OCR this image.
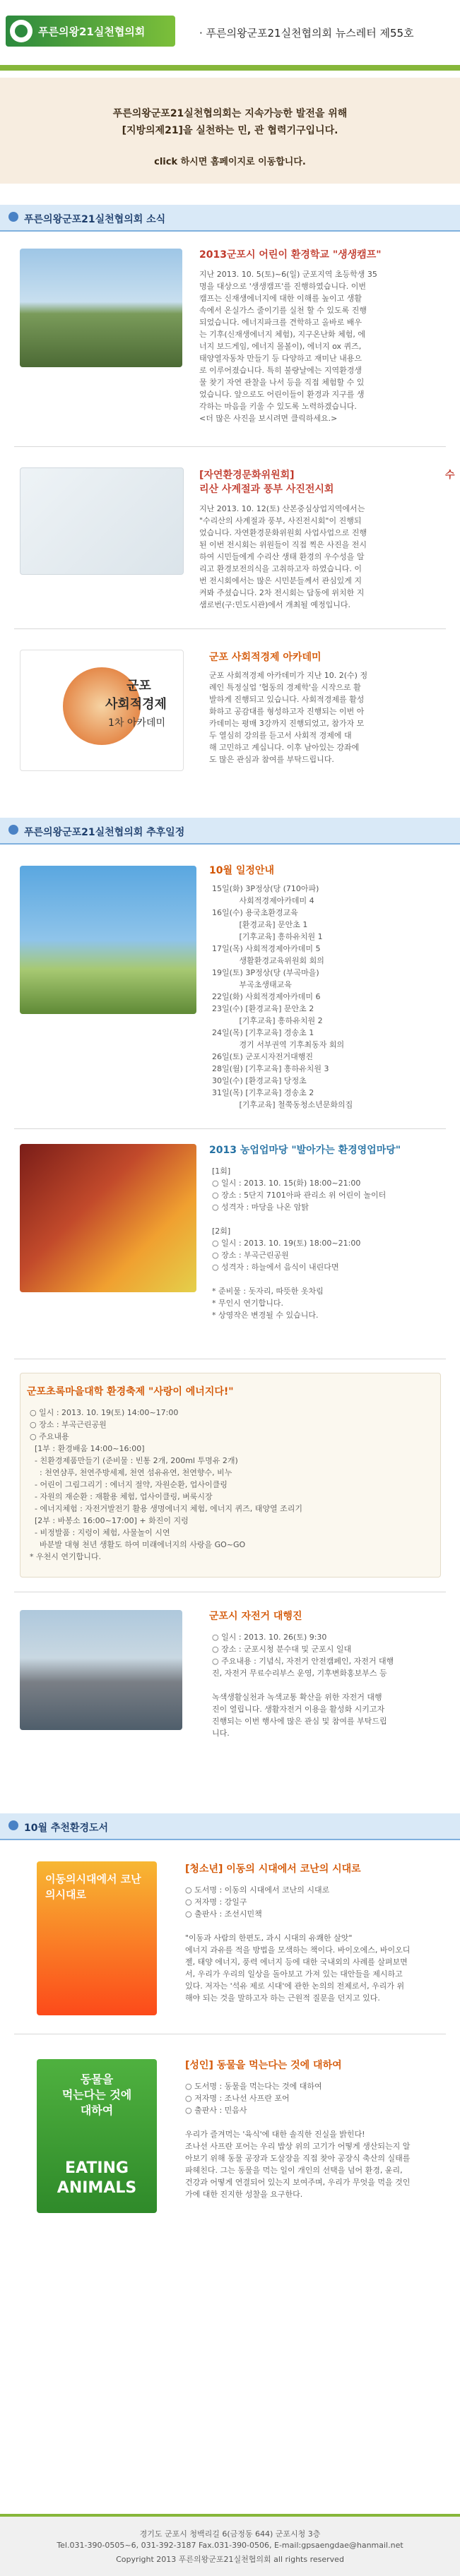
푸른의왕21실천협의회	· 푸른의왕군포21실천협의회 뉴스레터 제55호
푸른의왕군포21실천협의회는 지속가능한 발전을 위해
[지방의제21]을 실천하는 민, 관 협력기구입니다.
click 하시면 홈페이지로 이동합니다.
푸른의왕군포21실천협의회 소식
2013군포시 어린이 환경학교 "생생캠프"
지난 2013. 10. 5(토)~6(일) 군포지역 초등학생 35
명을 대상으로 '생생캠프'를 진행하였습니다. 이번
캠프는 신재생에너지에 대한 이해를 높이고 생활
속에서 온실가스 줄이기를 실천 할 수 있도록 진행
되었습니다. 에너지파크를 견학하고 올바로 배우
는 기후(신재생에너지 체험), 지구온난화 체험, 에
너지 보드게임, 에너지 몰볼이), 에너지 ox 퀴즈,
태양열자동차 만들기 등 다양하고 재미난 내용으
로 이루어졌습니다. 특히 불량날에는 지역환경생
물 찾기 자연 관찰을 나서 등을 직접 체험할 수 있
었습니다. 앞으로도 어린이들이 환경과 지구를 생
각하는 마음을 키울 수 있도록 노력하겠습니다.
<더 많은 사진을 보시려면 클릭하세요.>
[자연환경문화위원회]	수
리산 사계절과 풍부 사진전시회
지난 2013. 10. 12(토) 산본중심상업지역에서는
"수리산의 사계절과 풍부, 사진전시회"이 진행되
었습니다. 자연환경문화위원회 사업사업으로 진행
된 이번 전시회는 위원들이 직접 찍은 사진을 전시
하여 시민들에게 수리산 생태 환경의 우수성을 알
리고 환경보전의식을 고취하고자 하였습니다. 이
번 전시회에서는 많은 시민분들께서 관심있게 지
켜봐 주셨습니다. 2차 전시회는 답동에 위치한 지
샘로번(구:민도시관)에서 개최될 예정입니다.
군포
사회적경제
1차 아카데미
군포 사회적경제 아카데미
군포 사회적경제 아카데미가 지난 10. 2(수) 정
례인 특정실업 '협동의 경제학'을 시작으로 활
발하게 진행되고 있습니다. 사회적경제를 활성
화하고 공감대를 형성하고자 진행되는 이번 아
카데미는 평매 3강까지 진행되었고, 참가자 모
두 열심히 강의를 듣고서 사회적 경제에 대
해 고민하고 계십니다. 이후 남아있는 강좌에
도 많은 관심과 참여를 부탁드립니다.
푸른의왕군포21실천협의회 추후일정
10월 일정안내
15일(화) 3P정상(당 (710아파)
사회적경제아카데미 4
16일(수) 용국초환경교육
[환경교육] 문안초 1
[기후교육] 흥하유치원 1
17일(목) 사회적경제아카데미 5
생활환경교육위원회 회의
19일(토) 3P정상(당 (부곡마을)
부곡초생태교육
22일(화) 사회적경제아카데미 6
23일(수) [환경교육] 문안초 2
[기후교육] 흥하유치원 2
24일(목) [기후교육] 경송초 1
경기 서부권역 기후최동자 회의
26일(토) 군포시자전거대행진
28일(월) [기후교육] 흥하유치원 3
30일(수) [환경교육] 당정초
31일(목) [기후교육] 경송초 2
[기후교육] 철쭉동청소년문화의집
2013 농업업마당 "발아가는 환경영업마당"
[1회]
○ 일시 : 2013. 10. 15(화) 18:00~21:00
○ 장소 : 5단지 7101아파 관리소 위 어린이 놀이터
○ 성격자 : 마당을 나온 암탉

[2회]
○ 일시 : 2013. 10. 19(토) 18:00~21:00
○ 장소 : 부곡근린공원
○ 성격자 : 하늘에서 음식이 내린다면

* 준비물 : 돗자리, 따뜻한 옷차림
* 무인시 연기합니다.
* 상영작은 변경될 수 있습니다.
군포초록마을대학 환경축제 "사랑이 에너지다!"
○ 일시 : 2013. 10. 19(토) 14:00~17:00
○ 장소 : 부곡근린공원
○ 주요내용
[1부 : 환경배움 14:00~16:00]
- 친환경제품만들기 (준비물 : 빈통 2개, 200ml 투명유 2개)
: 천연샴푸, 천연주방세제, 천연 섬유유연, 천연향수, 비누
- 어린이 그림그리기 : 에너지 절약, 자원순환, 업사이클링
- 자원의 재순환 : 재활용 체험, 업사이클링, 벼룩시장
- 에너지체험 : 자전거발전기 활용 생명에너지 체험, 에너지 퀴즈, 태양열 조리기
[2부 : 바봉소 16:00~17:00] + 화진이 지렁
- 비정발품 : 지렁이 체험, 사물놀이 시연
바분발 대형 천년 생활도 하여 미래에너지의 사랑을 GO~GO
* 우천시 연기합니다.
군포시 자전거 대행진
○ 일시 : 2013. 10. 26(토) 9:30
○ 장소 : 군포시청 분수대 및 군포시 일대
○ 주요내용 : 기념식, 자전거 안전캠페인, 자전거 대행
진, 자전거 무료수리부스 운영, 기후변화홍보부스 등

녹색생활실천과 녹색교통 확산을 위한 자전거 대행
진이 열립니다. 생활자전거 이용을 활성화 시키고자
진행되는 이번 행사에 많은 관심 및 참여를 부탁드립
니다.
10월 추천환경도서
이동의시대에서 코난의시대로
[청소년] 이동의 시대에서 코난의 시대로
○ 도서명 : 이동의 시대에서 코난의 시대로
○ 저자명 : 강일구
○ 출판사 : 조선시민책

"이동과 사람의 한편도, 과시 시대의 유쾌한 살앗"
에너지 과유를 적을 방법을 모색하는 책이다. 바이오에스, 바이오디
젤, 태양 에너지, 풍력 에너지 등에 대한 국내외의 사례를 살펴보면
서, 우리가 우리의 일상을 돌아보고 가져 있는 대안들을 제시하고
있다. 저자는 '석유 제로 시대'에 관한 논의의 전제로서, 우리가 위
해야 되는 것을 말하고자 하는 근원적 질문을 던지고 있다.
동물을
먹는다는 것에
대하여
EATING
ANIMALS
[성인] 동물을 먹는다는 것에 대하여
○ 도서명 : 동물을 먹는다는 것에 대하여
○ 저자명 : 조나선 사프란 포어
○ 출판사 : 민음사

우리가 즐겨먹는 '육식'에 대한 솔직한 진실을 밝힌다!
조나선 사프란 포어는 우리 밥상 위의 고기가 어떻게 생산되는지 알
아보기 위해 동물 공장과 도살장을 직접 찾아 공장식 축산의 실태를
파헤친다. 그는 동물을 먹는 일이 개인의 선택을 넘어 환경, 윤리,
건강과 어떻게 연결되어 있는지 보여주며, 우리가 무엇을 먹을 것인
가에 대한 진지한 성찰을 요구한다.
경기도 군포시 청백리길 6(금정동 644) 군포시청 3층
Tel.031-390-0505~6, 031-392-3187 Fax.031-390-0506, E-mail:gpsaengdae@hanmail.net
Copyright 2013 푸른의왕군포21실천협의회 all rights reserved
